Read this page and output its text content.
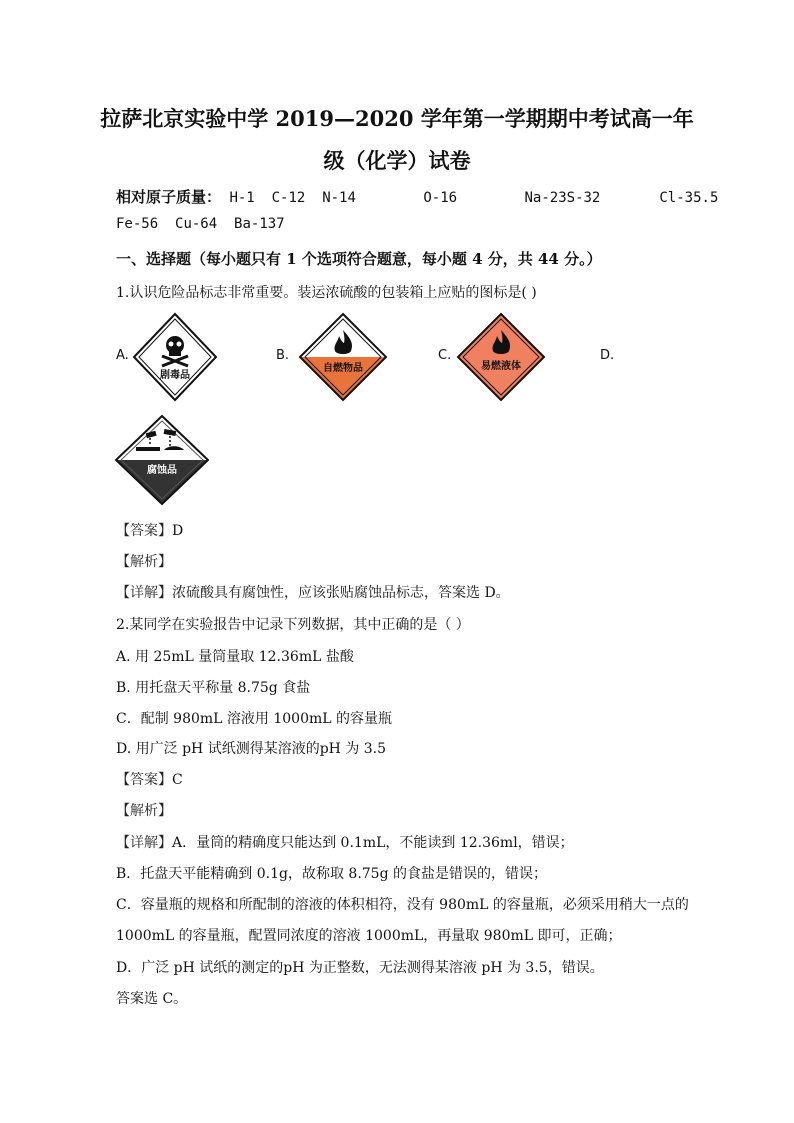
拉萨北京实验中学 2019—2020 学年第一学期期中考试高一年
级（化学）试卷
相对原子质量： H-1 C-12 N-14	O-16	Na-23S-32	Cl-35.5
Fe-56 Cu-64 Ba-137
一、选择题（每小题只有 1 个选项符合题意，每小题 4 分，共 44 分。）
1.认识危险品标志非常重要。装运浓硫酸的包装箱上应贴的图标是( )
A.
剧毒品
B.
自燃物品
C.
易燃液体
D.
腐蚀品
【答案】D
【解析】
【详解】浓硫酸具有腐蚀性，应该张贴腐蚀品标志，答案选 D。
2.某同学在实验报告中记录下列数据，其中正确的是（ ）
A. 用 25mL 量筒量取 12.36mL 盐酸
B. 用托盘天平称量 8.75g 食盐
C．配制 980mL 溶液用 1000mL 的容量瓶
D. 用广泛 pH 试纸测得某溶液的pH 为 3.5
【答案】C
【解析】
【详解】A．量筒的精确度只能达到 0.1mL，不能读到 12.36ml，错误；
B．托盘天平能精确到 0.1g，故称取 8.75g 的食盐是错误的，错误；
C．容量瓶的规格和所配制的溶液的体积相符，没有 980mL 的容量瓶，必须采用稍大一点的
1000mL 的容量瓶，配置同浓度的溶液 1000mL，再量取 980mL 即可，正确；
D．广泛 pH 试纸的测定的pH 为正整数，无法测得某溶液 pH 为 3.5，错误。
答案选 C。
